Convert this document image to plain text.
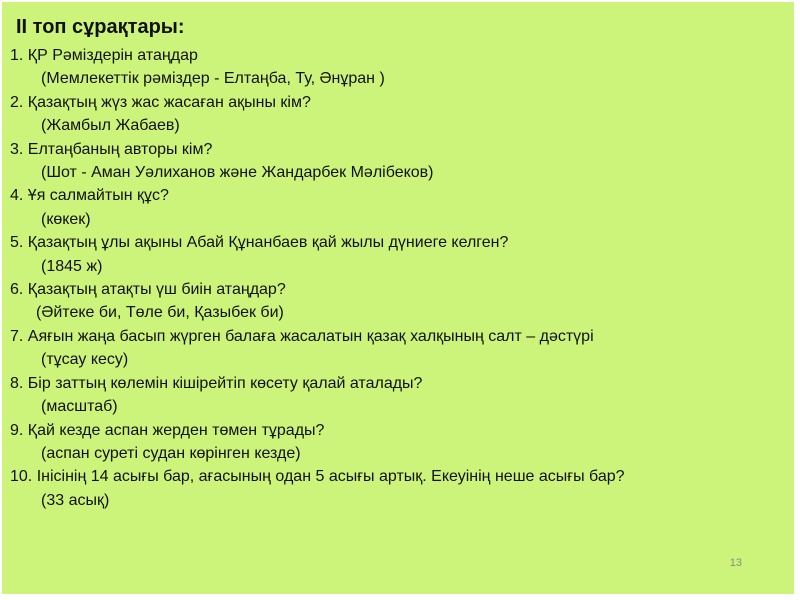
II топ сұрақтары:
1. ҚР Рәміздерін атаңдар
(Мемлекеттік рәміздер - Елтаңба, Ту, Әнұран )
2. Қазақтың жүз жас жасаған ақыны кім?
(Жамбыл Жабаев)
3. Елтаңбаның авторы кім?
(Шот - Аман Уәлиханов және Жандарбек Мәлібеков)
4. Ұя салмайтын құс?
(көкек)
5. Қазақтың ұлы ақыны Абай Құнанбаев қай жылы дүниеге келген?
(1845 ж)
6. Қазақтың атақты үш биін атаңдар?
(Әйтеке би, Төле би, Қазыбек би)
7. Аяғын жаңа басып жүрген балаға жасалатын қазақ халқының салт – дәстүрі
(тұсау кесу)
8. Бір заттың көлемін кішірейтіп көсету қалай аталады?
(масштаб)
9. Қай кезде аспан жерден төмен тұрады?
(аспан суреті судан көрінген кезде)
10. Інісінің 14 асығы бар, ағасының одан 5 асығы артық. Екеуінің неше асығы бар?
(33 асық)
13
